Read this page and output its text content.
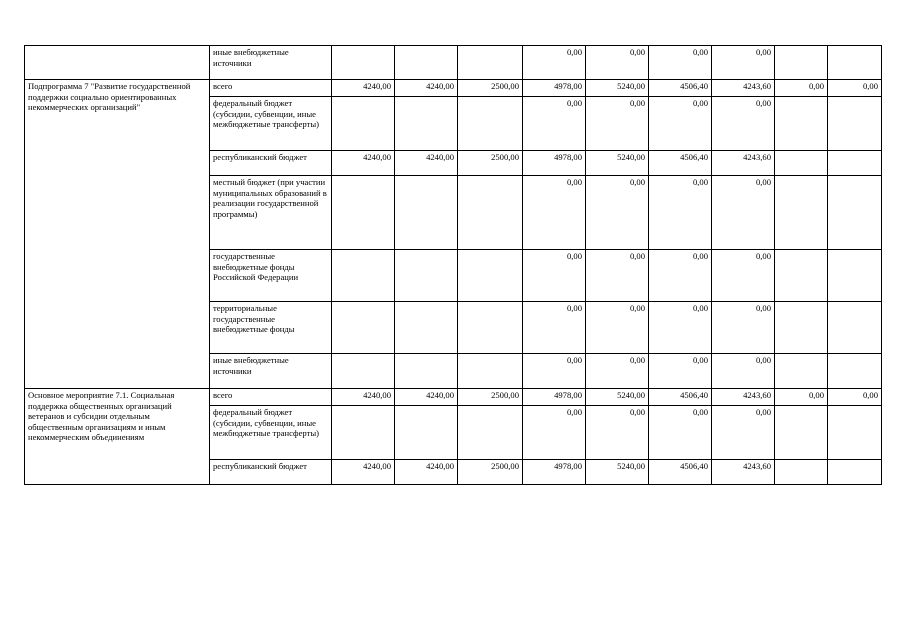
	иные внебюджетные источники				0,00	0,00	0,00	0,00		
Подпрограмма 7 "Развитие государственной поддержки социально ориентированных некоммерческих организаций"	всего	4240,00	4240,00	2500,00	4978,00	5240,00	4506,40	4243,60	0,00	0,00
	федеральный бюджет (субсидии, субвенции, иные межбюджетные трансферты)				0,00	0,00	0,00	0,00		
	республиканский бюджет	4240,00	4240,00	2500,00	4978,00	5240,00	4506,40	4243,60		
	местный бюджет (при участии муниципальных образований в реализации государственной программы)				0,00	0,00	0,00	0,00		
	государственные внебюджетные фонды Российской Федерации				0,00	0,00	0,00	0,00		
	территориальные государственные внебюджетные фонды				0,00	0,00	0,00	0,00		
	иные внебюджетные источники				0,00	0,00	0,00	0,00		
Основное мероприятие 7.1. Социальная поддержка общественных организаций ветеранов и субсидии отдельным общественным организациям и иным некоммерческим объединениям	всего	4240,00	4240,00	2500,00	4978,00	5240,00	4506,40	4243,60	0,00	0,00
	федеральный бюджет (субсидии, субвенции, иные межбюджетные трансферты)				0,00	0,00	0,00	0,00		
	республиканский бюджет	4240,00	4240,00	2500,00	4978,00	5240,00	4506,40	4243,60		
